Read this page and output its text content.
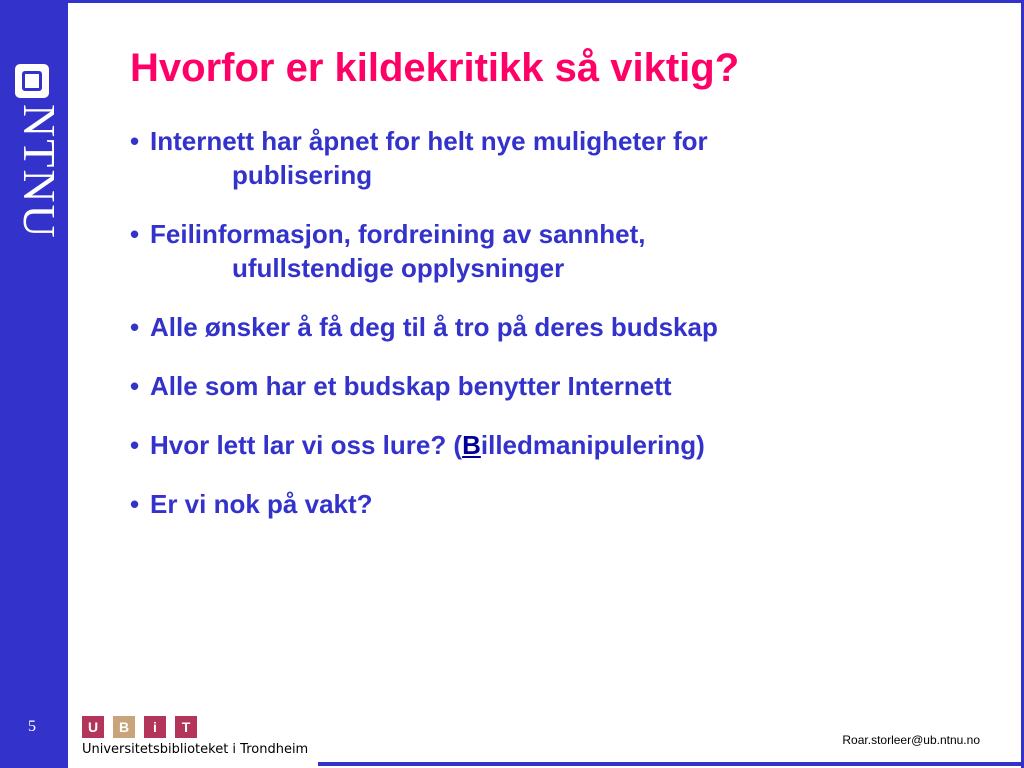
NTNU
5
Hvorfor er kildekritikk så viktig?
• Internett har åpnet for helt nye muligheter for
publisering
• Feilinformasjon, fordreining av sannhet,
ufullstendige opplysninger
• Alle ønsker å få deg til å tro på deres budskap
• Alle som har et budskap benytter Internett
• Hvor lett lar vi oss lure? (Billedmanipulering)
• Er vi nok på vakt?
U	B	i	T
Universitetsbiblioteket i Trondheim
Roar.storleer@ub.ntnu.no
